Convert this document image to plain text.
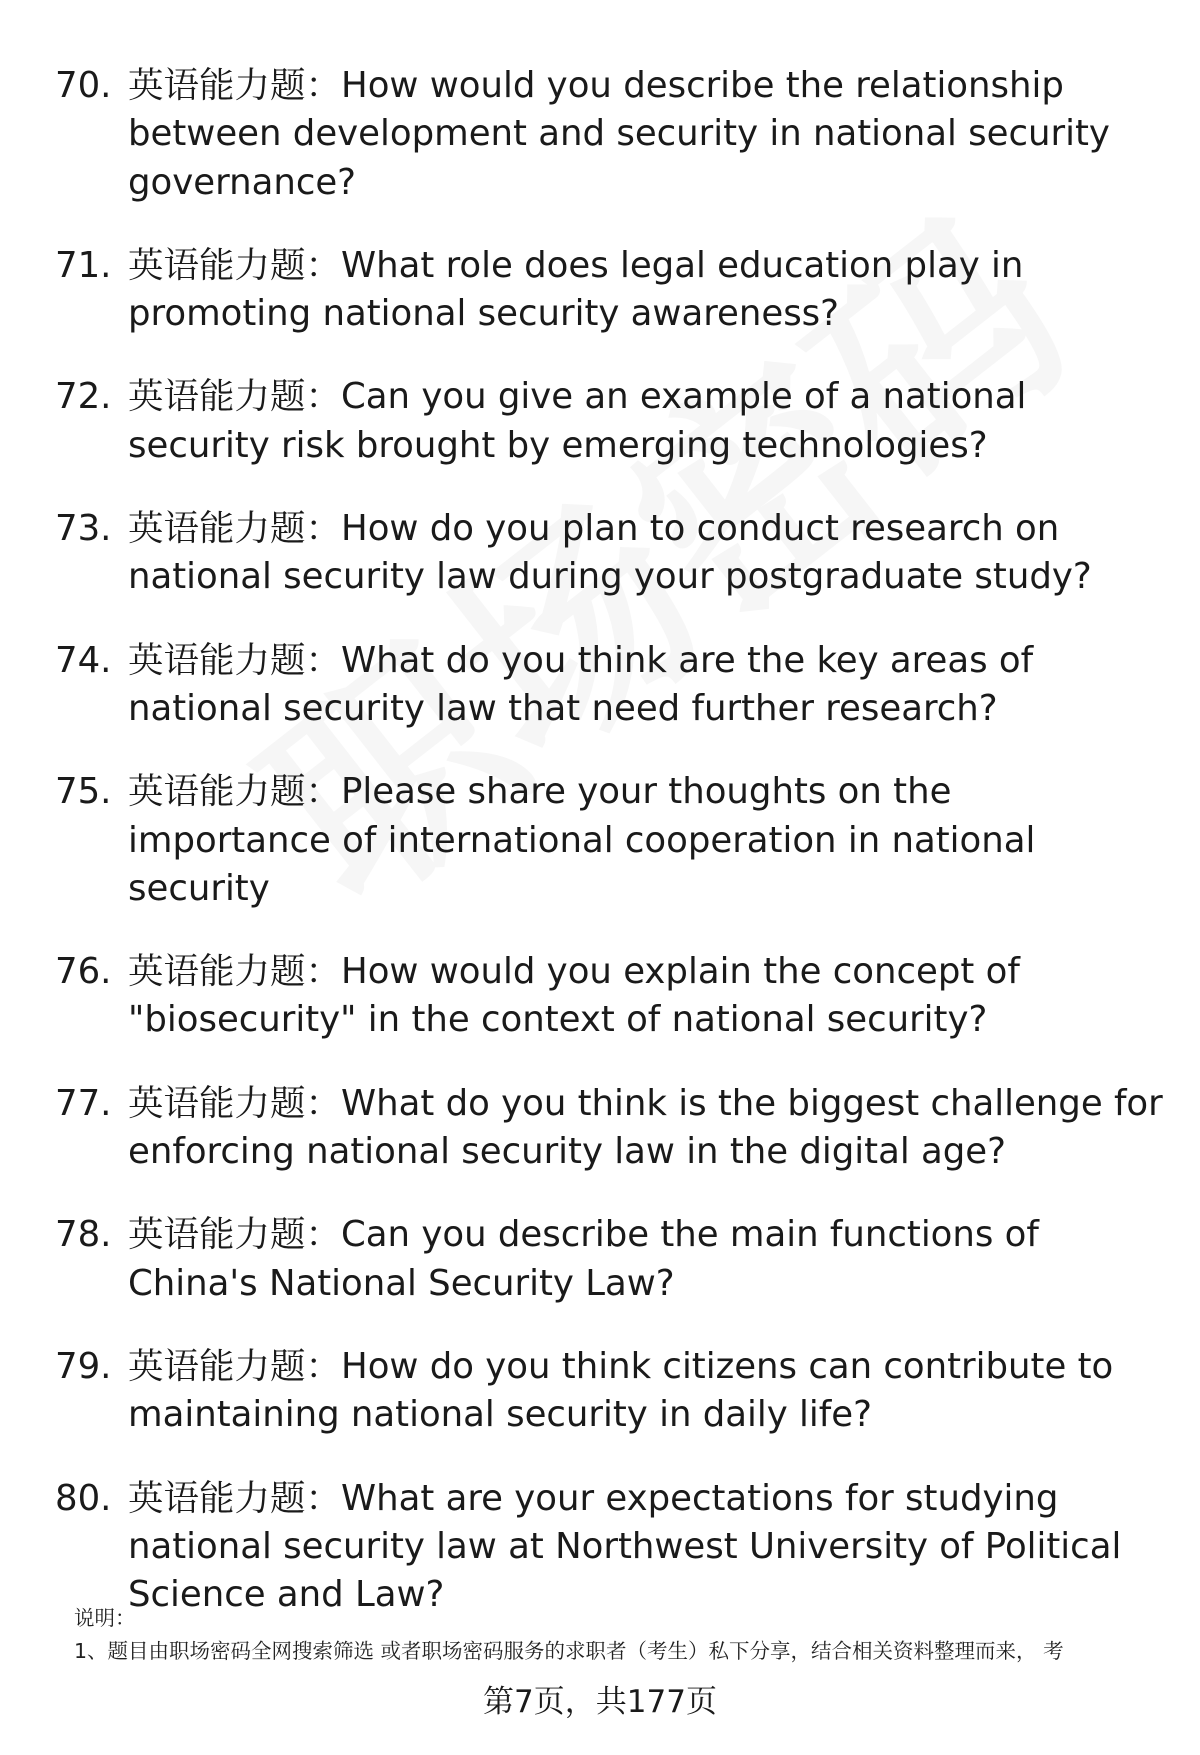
70. 英语能力题：How would you describe the relationship between development and security in national security governance?
71. 英语能力题：What role does legal education play in promoting national security awareness?
72. 英语能力题：Can you give an example of a national security risk brought by emerging technologies?
73. 英语能力题：How do you plan to conduct research on national security law during your postgraduate study?
74. 英语能力题：What do you think are the key areas of national security law that need further research?
75. 英语能力题：Please share your thoughts on the importance of international cooperation in national security
76. 英语能力题：How would you explain the concept of "biosecurity" in the context of national security?
77. 英语能力题：What do you think is the biggest challenge for enforcing national security law in the digital age?
78. 英语能力题：Can you describe the main functions of China's National Security Law?
79. 英语能力题：How do you think citizens can contribute to maintaining national security in daily life?
80. 英语能力题：What are your expectations for studying national security law at Northwest University of Political Science and Law?
说明：
1、题目由职场密码全网搜索筛选 或者职场密码服务的求职者（考生）私下分享，结合相关资料整理而来， 考
第7页，共177页
